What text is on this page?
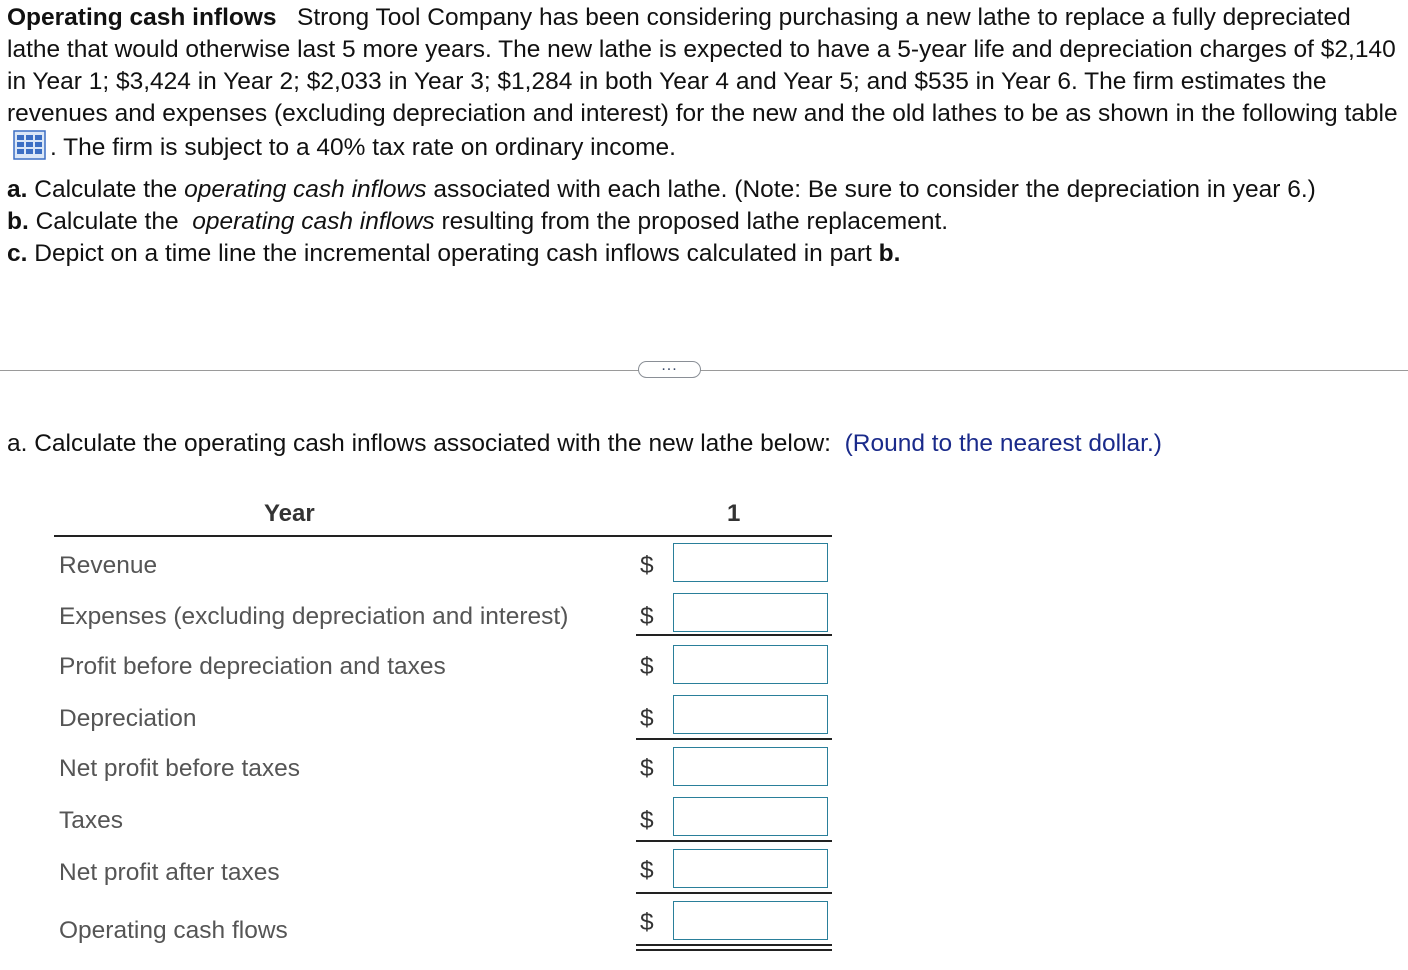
Operating cash inflows Strong Tool Company has been considering purchasing a new lathe to replace a fully depreciated lathe that would otherwise last 5 more years. The new lathe is expected to have a 5-year life and depreciation charges of $2,140 in Year 1; $3,424 in Year 2; $2,033 in Year 3; $1,284 in both Year 4 and Year 5; and $535 in Year 6. The firm estimates the revenues and expenses (excluding depreciation and interest) for the new and the old lathes to be as shown in the following table. The firm is subject to a 40% tax rate on ordinary income.

a. Calculate the operating cash inflows associated with each lathe. (Note: Be sure to consider the depreciation in year 6.)

b. Calculate the operating cash inflows resulting from the proposed lathe replacement.

c. Depict on a time line the incremental operating cash inflows calculated in part b.

...
a. Calculate the operating cash inflows associated with the new lathe below: (Round to the nearest dollar.)
Year	1
Revenue	$
Expenses (excluding depreciation and interest)	$
Profit before depreciation and taxes	$
Depreciation	$
Net profit before taxes	$
Taxes	$
Net profit after taxes	$
Operating cash flows	$
